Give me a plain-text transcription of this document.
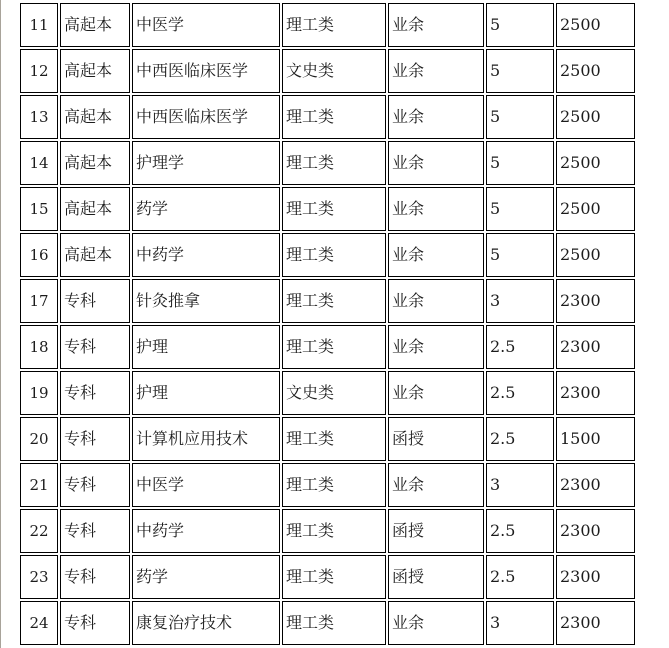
11	高起本	中医学	理工类	业余	5	2500
12	高起本	中西医临床医学	文史类	业余	5	2500
13	高起本	中西医临床医学	理工类	业余	5	2500
14	高起本	护理学	理工类	业余	5	2500
15	高起本	药学	理工类	业余	5	2500
16	高起本	中药学	理工类	业余	5	2500
17	专科	针灸推拿	理工类	业余	3	2300
18	专科	护理	理工类	业余	2.5	2300
19	专科	护理	文史类	业余	2.5	2300
20	专科	计算机应用技术	理工类	函授	2.5	1500
21	专科	中医学	理工类	业余	3	2300
22	专科	中药学	理工类	函授	2.5	2300
23	专科	药学	理工类	函授	2.5	2300
24	专科	康复治疗技术	理工类	业余	3	2300
